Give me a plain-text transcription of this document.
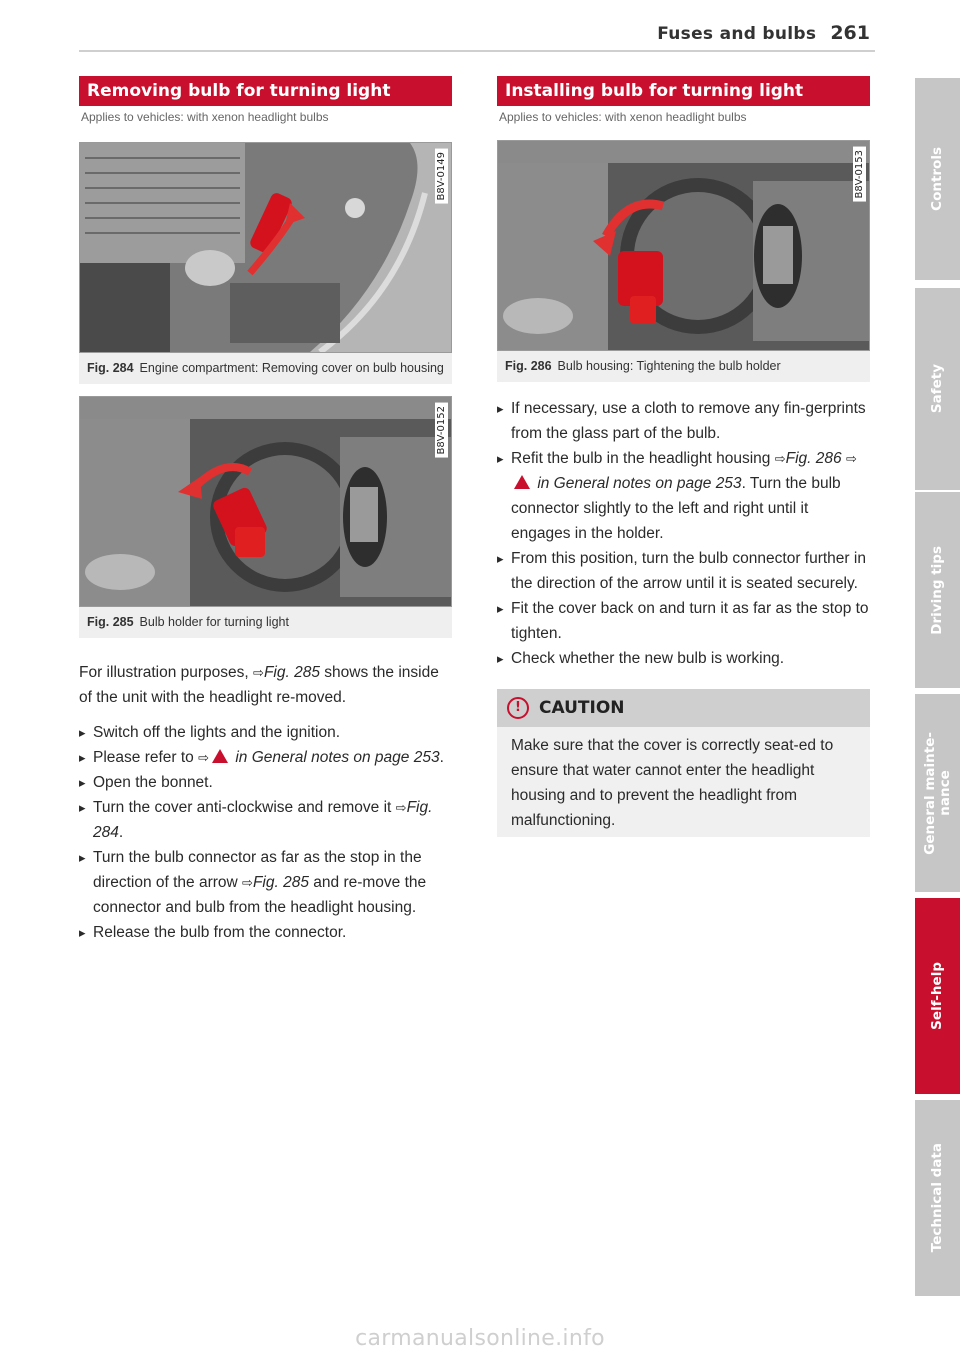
Fuses and bulbs 261
Removing bulb for turning light
Applies to vehicles: with xenon headlight bulbs
B8V-0149
Fig. 284 Engine compartment: Removing cover on bulb housing
B8V-0152
Fig. 285 Bulb holder for turning light
For illustration purposes, ⇨Fig. 285 shows the inside of the unit with the headlight re-moved.
▸ Switch off the lights and the ignition.
▸ Please refer to ⇨ in General notes on page 253.
▸ Open the bonnet.
▸ Turn the cover anti-clockwise and remove it ⇨Fig. 284.
▸ Turn the bulb connector as far as the stop in the direction of the arrow ⇨Fig. 285 and re-move the connector and bulb from the headlight housing.
▸ Release the bulb from the connector.
Installing bulb for turning light
Applies to vehicles: with xenon headlight bulbs
B8V-0153
Fig. 286 Bulb housing: Tightening the bulb holder
▸ If necessary, use a cloth to remove any fin-gerprints from the glass part of the bulb.
▸ Refit the bulb in the headlight housing ⇨Fig. 286 ⇨ in General notes on page 253. Turn the bulb connector slightly to the left and right until it engages in the holder.
▸ From this position, turn the bulb connector further in the direction of the arrow until it is seated securely.
▸ Fit the cover back on and turn it as far as the stop to tighten.
▸ Check whether the new bulb is working.
!	CAUTION
Make sure that the cover is correctly seat-ed to ensure that water cannot enter the headlight housing and to prevent the headlight from malfunctioning.
Controls
Safety
Driving tips
General mainte-
nance
Self-help
Technical data
carmanualsonline.info
